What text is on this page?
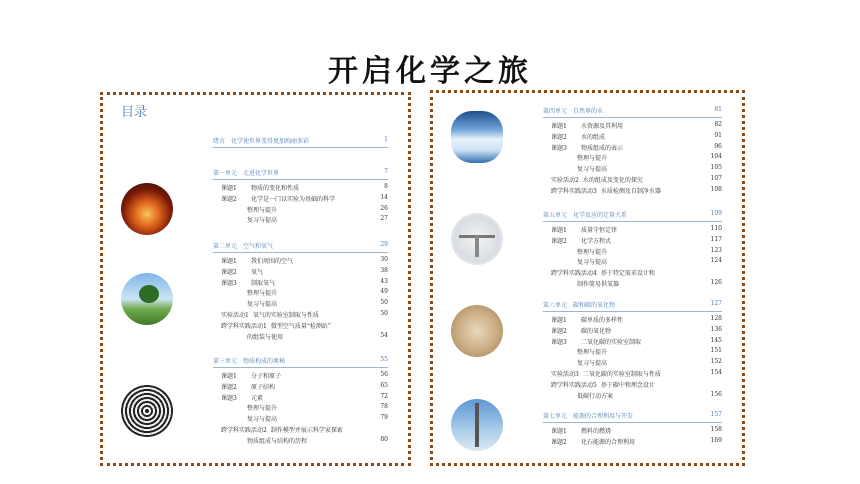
开启化学之旅
目录
绪言 化学使世界变得更加绚丽多彩	1
第一单元 走进化学世界	7
课题1 物质的变化和性质	8
课题2 化学是一门以实验为基础的科学	14
整理与提升	26
复习与提高	27
第二单元 空气和氧气	29
课题1 我们周围的空气	30
课题2 氧气	38
课题3 制取氧气	43
整理与提升	49
复习与提高	50
实验活动1 氧气的实验室制取与性质	50
跨学科实践活动1 微型空气质量“检测站”
的组装与使用	54
第三单元 物质构成的奥秘	55
课题1 分子和原子	56
课题2 原子结构	65
课题3 元素	72
整理与提升	78
复习与提高	79
跨学科实践活动2 制作模型并展示科学家探索
物质组成与结构的历程	80
第四单元 自然界的水	81
课题1 水资源及其利用	82
课题2 水的组成	91
课题3 物质组成的表示	96
整理与提升	104
复习与提高	105
实验活动2 水的组成及变化的探究	107
跨学科实践活动3 水质检测及自制净水器	108
第五单元 化学反应的定量关系	109
课题1 质量守恒定律	110
课题2 化学方程式	117
整理与提升	123
复习与提高	124
跨学科实践活动4 基于特定需求设计和
制作简易供氧器	126
第六单元 碳和碳的氧化物	127
课题1 碳单质的多样性	128
课题2 碳的氧化物	136
课题3 二氧化碳的实验室制取	145
整理与提升	151
复习与提高	152
实验活动3 二氧化碳的实验室制取与性质	154
跨学科实践活动5 基于碳中和理念设计
低碳行动方案	156
第七单元 能源的合理利用与开发	157
课题1 燃料的燃烧	158
课题2 化石能源的合理利用	169
